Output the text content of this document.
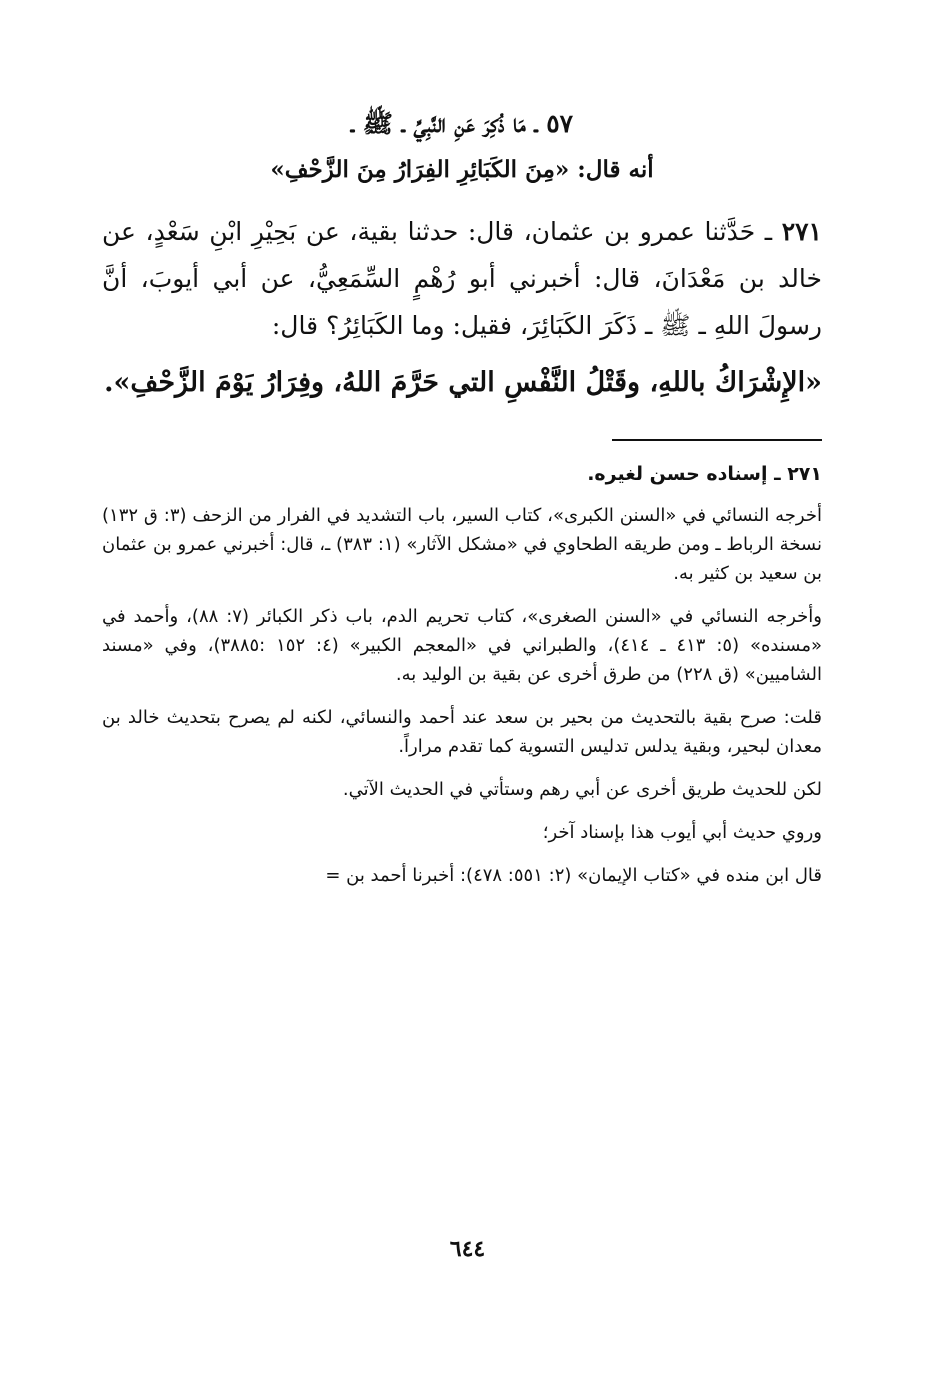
٥٧ ـ مَا ذُكِرَ عَنِ النَّبِيِّ ـ ﷺ ـ
أنه قال: «مِنَ الكَبَائِرِ الفِرَارُ مِنَ الزَّحْفِ»

٢٧١ ـ حَدَّثنا عمرو بن عثمان، قال: حدثنا بقية، عن بَحِيْرِ ابْنِ سَعْدٍ، عن خالد بن مَعْدَانَ، قال: أخبرني أبو رُهْمٍ السِّمَعِيُّ، عن أبي أيوبَ، أنَّ رسولَ اللهِ ـ ﷺ ـ ذَكَرَ الكَبَائِرَ، فقيل: وما الكَبَائِرُ؟ قال:

«الإِشْرَاكُ باللهِ، وقَتْلُ النَّفْسِ التي حَرَّمَ اللهُ، وفِرَارُ يَوْمَ الزَّحْفِ».

٢٧١ ـ إسناده حسن لغيره.

أخرجه النسائي في «السنن الكبرى»، كتاب السير، باب التشديد في الفرار من الزحف (٣: ق ١٣٢) نسخة الرباط ـ ومن طريقه الطحاوي في «مشكل الآثار» (١: ٣٨٣) ـ، قال: أخبرني عمرو بن عثمان بن سعيد بن كثير به.

وأخرجه النسائي في «السنن الصغرى»، كتاب تحريم الدم، باب ذكر الكبائر (٧: ٨٨)، وأحمد في «مسنده» (٥: ٤١٣ ـ ٤١٤)، والطبراني في «المعجم الكبير» (٤: ١٥٢ :٣٨٨٥)، وفي «مسند الشاميين» (ق ٢٢٨) من طرق أخرى عن بقية بن الوليد به.

قلت: صرح بقية بالتحديث من بحير بن سعد عند أحمد والنسائي، لكنه لم يصرح بتحديث خالد بن معدان لبحير، وبقية يدلس تدليس التسوية كما تقدم مراراً.

لكن للحديث طريق أخرى عن أبي رهم وستأتي في الحديث الآتي.

وروي حديث أبي أيوب هذا بإسناد آخر؛

قال ابن منده في «كتاب الإيمان» (٢: ٥٥١: ٤٧٨): أخبرنا أحمد بن =

٦٤٤
